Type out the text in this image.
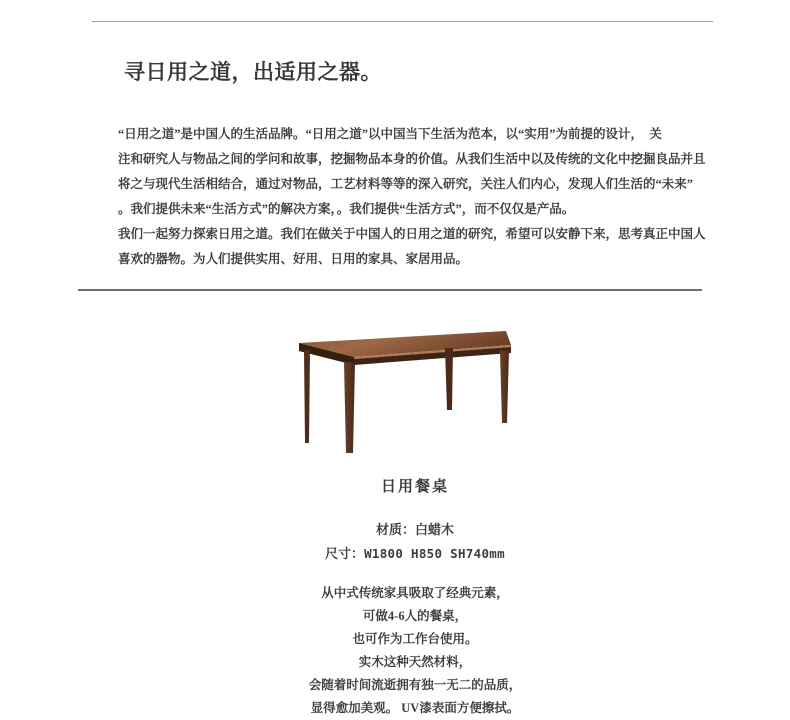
寻日用之道，出适用之器。
“日用之道”是中国人的生活品牌。“日用之道”以中国当下生活为范本，以“实用”为前提的设计，　关
注和研究人与物品之间的学问和故事，挖掘物品本身的价值。从我们生活中以及传统的文化中挖掘良品并且
将之与现代生活相结合，通过对物品，工艺材料等等的深入研究，关注人们内心，发现人们生活的“未来”
。我们提供未来“生活方式”的解决方案，。我们提供“生活方式”，而不仅仅是产品。
我们一起努力探索日用之道。我们在做关于中国人的日用之道的研究，希望可以安静下来，思考真正中国人
喜欢的器物。为人们提供实用、好用、日用的家具、家居用品。
日用餐桌
材质：白蜡木
尺寸：W1800 H850 SH740mm
从中式传统家具吸取了经典元素，
可做4-6人的餐桌，
也可作为工作台使用。
实木这种天然材料，
会随着时间流逝拥有独一无二的品质，
显得愈加美观。 UV漆表面方便擦拭。
